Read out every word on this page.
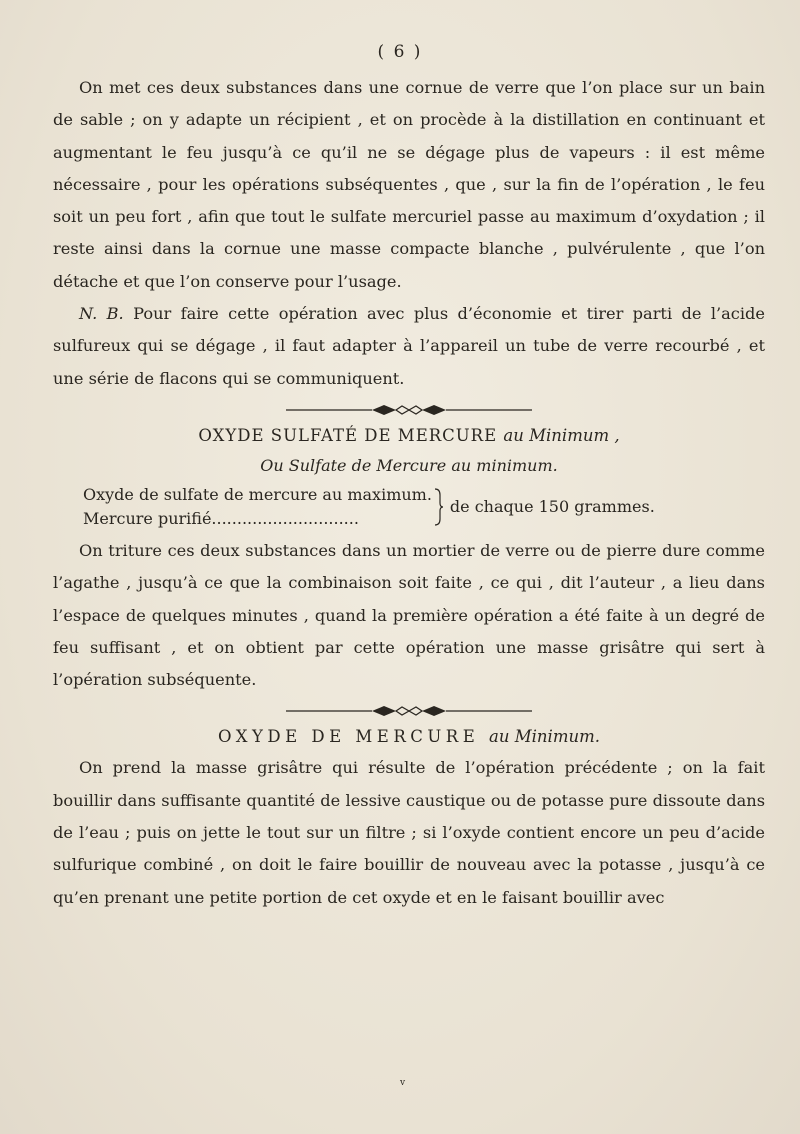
( 6 )

On met ces deux substances dans une cornue de verre que l’on place sur un bain de sable ; on y adapte un récipient , et on procède à la distillation en continuant et augmentant le feu jusqu’à ce qu’il ne se dégage plus de vapeurs : il est même nécessaire , pour les opérations subséquentes , que , sur la fin de l’opération , le feu soit un peu fort , afin que tout le sulfate mercuriel passe au maximum d’oxydation ; il reste ainsi dans la cornue une masse compacte blanche , pulvérulente , que l’on détache et que l’on conserve pour l’usage.

N. B. Pour faire cette opération avec plus d’économie et tirer parti de l’acide sulfureux qui se dégage , il faut adapter à l’appareil un tube de verre recourbé , et une série de flacons qui se communiquent.

OXYDE SULFATÉ DE MERCURE au Minimum ,
Ou Sulfate de Mercure au minimum.
Oxyde de sulfate de mercure au maximum.
Mercure purifié.............................
de chaque 150 grammes.

On triture ces deux substances dans un mortier de verre ou de pierre dure comme l’agathe , jusqu’à ce que la combinaison soit faite , ce qui , dit l’auteur , a lieu dans l’espace de quelques minutes , quand la première opération a été faite à un degré de feu suffisant , et on obtient par cette opération une masse grisâtre qui sert à l’opération subséquente.

OXYDE DE MERCURE au Minimum.

On prend la masse grisâtre qui résulte de l’opération précédente ; on la fait bouillir dans suffisante quantité de lessive caustique ou de potasse pure dissoute dans de l’eau ; puis on jette le tout sur un filtre ; si l’oxyde contient encore un peu d’acide sulfurique combiné , on doit le faire bouillir de nouveau avec la potasse , jusqu’à ce qu’en prenant une petite portion de cet oxyde et en le faisant bouillir avec

v
